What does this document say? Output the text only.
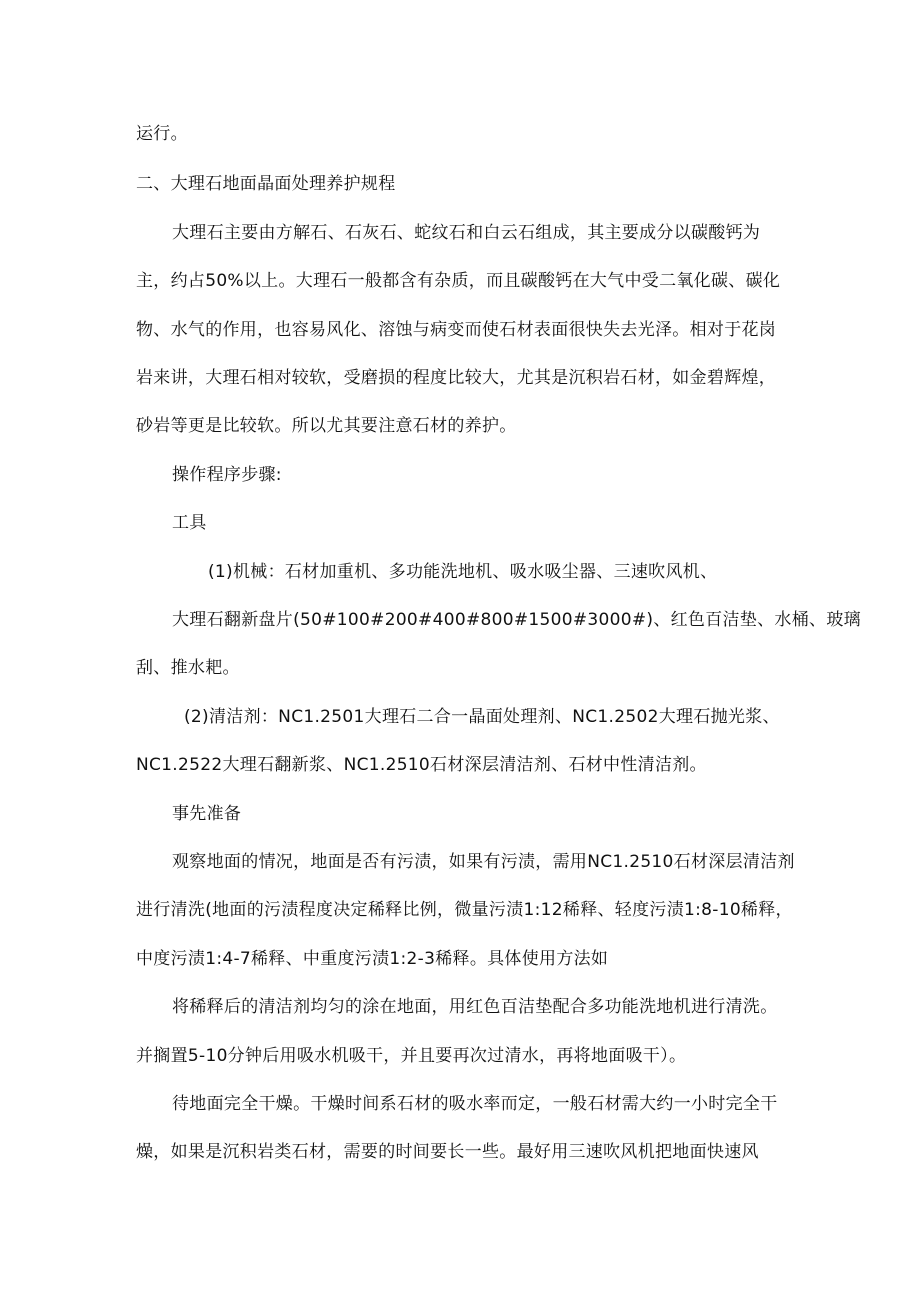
运行。
二、大理石地面晶面处理养护规程
大理石主要由方解石、石灰石、蛇纹石和白云石组成，其主要成分以碳酸钙为
主，约占50%以上。大理石一般都含有杂质，而且碳酸钙在大气中受二氧化碳、碳化
物、水气的作用，也容易风化、溶蚀与病变而使石材表面很快失去光泽。相对于花岗
岩来讲，大理石相对较软，受磨损的程度比较大，尤其是沉积岩石材，如金碧辉煌，
砂岩等更是比较软。所以尤其要注意石材的养护。
操作程序步骤:
工具
(1)机械：石材加重机、多功能洗地机、吸水吸尘器、三速吹风机、
大理石翻新盘片(50#100#200#400#800#1500#3000#)、红色百洁垫、水桶、玻璃
刮、推水耙。
(2)清洁剂：NC1.2501大理石二合一晶面处理剂、NC1.2502大理石抛光浆、
NC1.2522大理石翻新浆、NC1.2510石材深层清洁剂、石材中性清洁剂。
事先准备
观察地面的情况，地面是否有污渍，如果有污渍，需用NC1.2510石材深层清洁剂
进行清洗(地面的污渍程度决定稀释比例，微量污渍1:12稀释、轻度污渍1:8-10稀释，
中度污渍1:4-7稀释、中重度污渍1:2-3稀释。具体使用方法如
将稀释后的清洁剂均匀的涂在地面，用红色百洁垫配合多功能洗地机进行清洗。
并搁置5-10分钟后用吸水机吸干，并且要再次过清水，再将地面吸干）。
待地面完全干燥。干燥时间系石材的吸水率而定，一般石材需大约一小时完全干
燥，如果是沉积岩类石材，需要的时间要长一些。最好用三速吹风机把地面快速风
